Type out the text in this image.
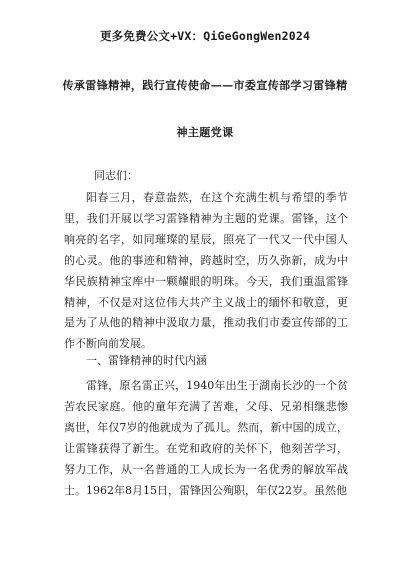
更多免费公文+VX：QiGeGongWen2024
传承雷锋精神，践行宣传使命——市委宣传部学习雷锋精
神主题党课
同志们：
阳春三月，春意盎然，在这个充满生机与希望的季节里，我们开展以学习雷锋精神为主题的党课。雷锋，这个响亮的名字，如同璀璨的星辰，照亮了一代又一代中国人的心灵。他的事迹和精神，跨越时空，历久弥新，成为中华民族精神宝库中一颗耀眼的明珠。今天，我们重温雷锋精神，不仅是对这位伟大共产主义战士的缅怀和敬意，更是为了从他的精神中汲取力量，推动我们市委宣传部的工作不断向前发展。
一、雷锋精神的时代内涵
雷锋，原名雷正兴，1940年出生于湖南长沙的一个贫苦农民家庭。他的童年充满了苦难，父母、兄弟相继悲惨离世，年仅7岁的他就成为了孤儿。然而，新中国的成立，让雷锋获得了新生。在党和政府的关怀下，他刻苦学习，努力工作，从一名普通的工人成长为一名优秀的解放军战士。1962年8月15日，雷锋因公殉职，年仅22岁。虽然他
